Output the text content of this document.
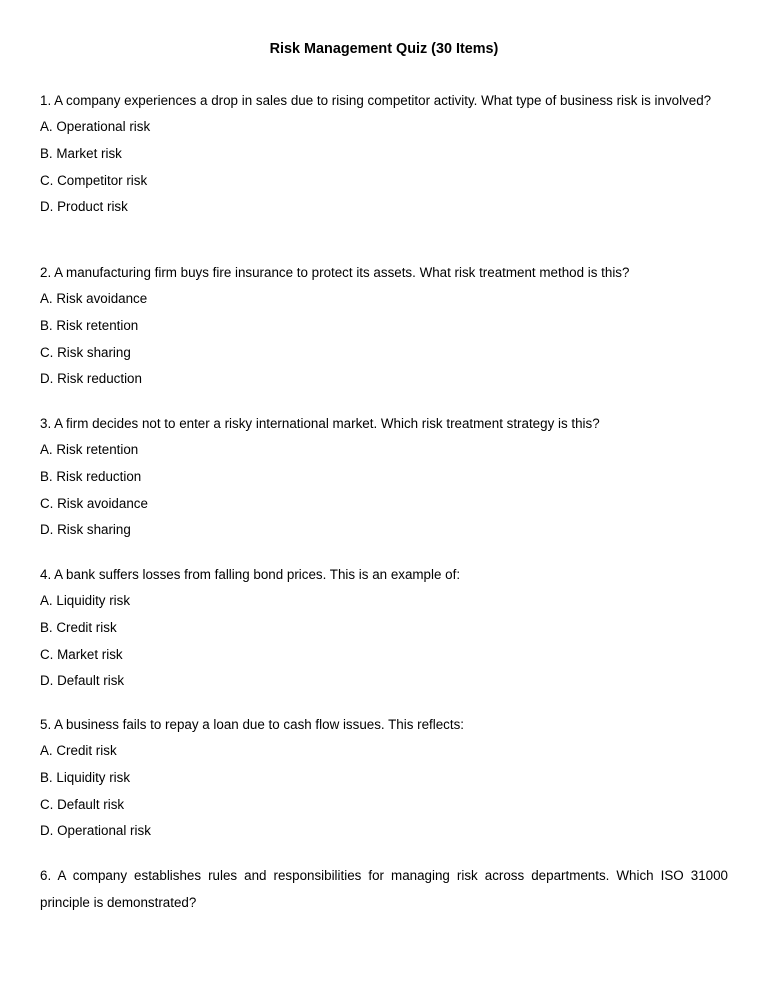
Risk Management Quiz (30 Items)

1. A company experiences a drop in sales due to rising competitor activity. What type of business risk is involved?

A. Operational risk

B. Market risk

C. Competitor risk

D. Product risk

2. A manufacturing firm buys fire insurance to protect its assets. What risk treatment method is this?

A. Risk avoidance

B. Risk retention

C. Risk sharing

D. Risk reduction

3. A firm decides not to enter a risky international market. Which risk treatment strategy is this?

A. Risk retention

B. Risk reduction

C. Risk avoidance

D. Risk sharing

4. A bank suffers losses from falling bond prices. This is an example of:

A. Liquidity risk

B. Credit risk

C. Market risk

D. Default risk

5. A business fails to repay a loan due to cash flow issues. This reflects:

A. Credit risk

B. Liquidity risk

C. Default risk

D. Operational risk

6. A company establishes rules and responsibilities for managing risk across departments. Which ISO 31000 principle is demonstrated?
